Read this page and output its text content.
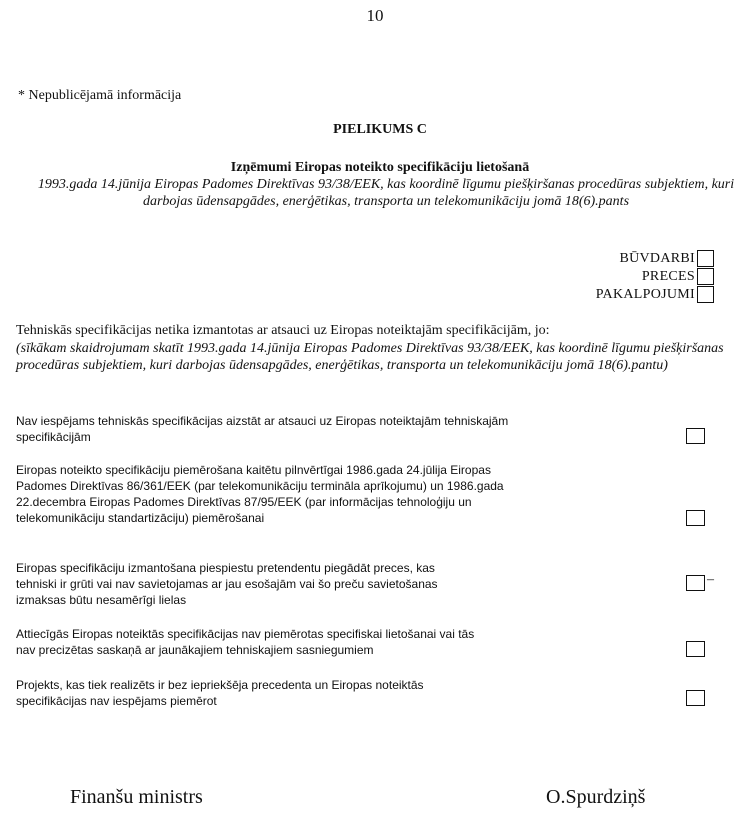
10
* Nepublicējamā informācija
PIELIKUMS C
Izņēmumi Eiropas noteikto specifikāciju lietošanā
1993.gada 14.jūnija Eiropas Padomes Direktīvas 93/38/EEK, kas koordinē līgumu piešķiršanas procedūras subjektiem, kuri darbojas ūdensapgādes, enerģētikas, transporta un telekomunikāciju jomā 18(6).pants
BŪVDARBI
PRECES
PAKALPOJUMI
Tehniskās specifikācijas netika izmantotas ar atsauci uz Eiropas noteiktajām specifikācijām, jo:
(sīkākam skaidrojumam skatīt 1993.gada 14.jūnija Eiropas Padomes Direktīvas 93/38/EEK, kas koordinē līgumu piešķiršanas procedūras subjektiem, kuri darbojas ūdensapgādes, enerģētikas, transporta un telekomunikāciju jomā 18(6).pantu)
Nav iespējams tehniskās specifikācijas aizstāt ar atsauci uz Eiropas noteiktajām tehniskajām specifikācijām
Eiropas noteikto specifikāciju piemērošana kaitētu pilnvērtīgai 1986.gada 24.jūlija Eiropas Padomes Direktīvas 86/361/EEK (par telekomunikāciju termināla aprīkojumu) un 1986.gada 22.decembra Eiropas Padomes Direktīvas 87/95/EEK (par informācijas tehnoloģiju un telekomunikāciju standartizāciju) piemērošanai
Eiropas specifikāciju izmantošana piespiestu pretendentu piegādāt preces, kas tehniski ir grūti vai nav savietojamas ar jau esošajām vai šo preču savietošanas izmaksas būtu nesamērīgi lielas
–
Attiecīgās Eiropas noteiktās specifikācijas nav piemērotas specifiskai lietošanai vai tās nav precizētas saskaņā ar jaunākajiem tehniskajiem sasniegumiem
Projekts, kas tiek realizēts ir bez iepriekšēja precedenta un Eiropas noteiktās specifikācijas nav iespējams piemērot
Finanšu ministrs	O.Spurdziņš
